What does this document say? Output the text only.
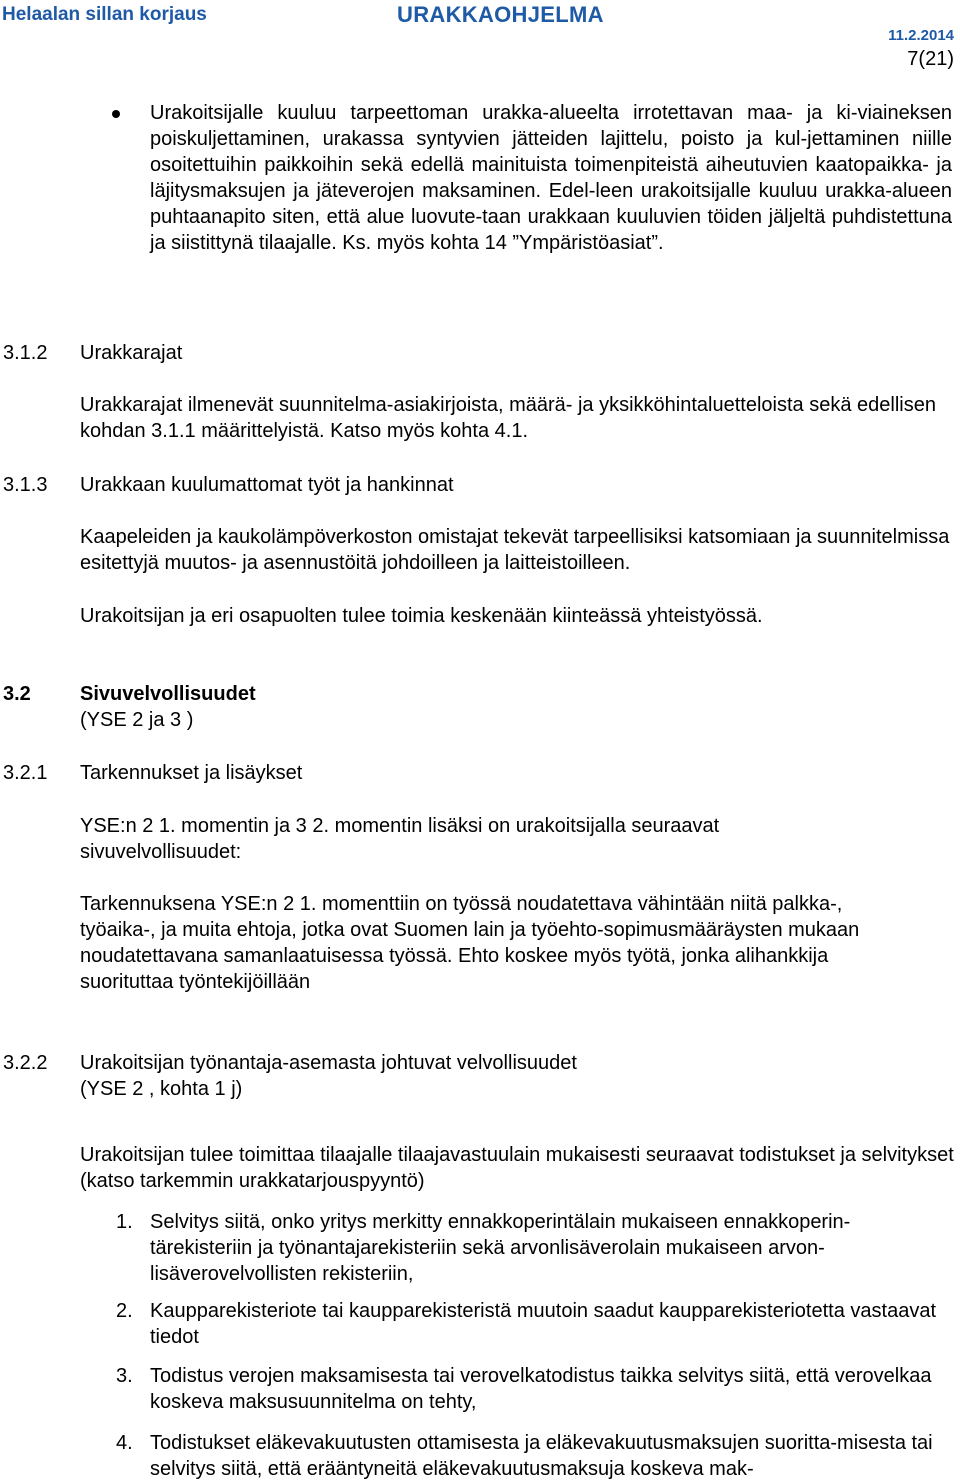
Helaalan sillan korjaus	URAKKAOHJELMA
11.2.2014
7(21)
Urakoitsijalle kuuluu tarpeettoman urakka-alueelta irrotettavan maa- ja ki-viaineksen poiskuljettaminen, urakassa syntyvien jätteiden lajittelu, poisto ja kul-jettaminen niille osoitettuihin paikkoihin sekä edellä mainituista toimenpiteistä aiheutuvien kaatopaikka- ja läjitysmaksujen ja jäteverojen maksaminen. Edel-leen urakoitsijalle kuuluu urakka-alueen puhtaanapito siten, että alue luovute-taan urakkaan kuuluvien töiden jäljeltä puhdistettuna ja siistittynä tilaajalle. Ks. myös kohta 14 ”Ympäristöasiat”.
3.1.2 Urakkarajat
Urakkarajat ilmenevät suunnitelma-asiakirjoista, määrä- ja yksikköhintaluetteloista sekä edellisen kohdan 3.1.1 määrittelyistä. Katso myös kohta 4.1.
3.1.3 Urakkaan kuulumattomat työt ja hankinnat
Kaapeleiden ja kaukolämpöverkoston omistajat tekevät tarpeellisiksi katsomiaan ja suunnitelmissa esitettyjä muutos- ja asennustöitä johdoilleen ja laitteistoilleen.
Urakoitsijan ja eri osapuolten tulee toimia keskenään kiinteässä yhteistyössä.
3.2 Sivuvelvollisuudet
(YSE 2 ja 3 )
3.2.1 Tarkennukset ja lisäykset
YSE:n 2 1. momentin ja 3 2. momentin lisäksi on urakoitsijalla seuraavat sivuvelvollisuudet:
Tarkennuksena YSE:n 2 1. momenttiin on työssä noudatettava vähintään niitä palkka-, työaika-, ja muita ehtoja, jotka ovat Suomen lain ja työehto-sopimusmääräysten mukaan noudatettavana samanlaatuisessa työssä. Ehto koskee myös työtä, jonka alihankkija suorituttaa työntekijöillään
3.2.2 Urakoitsijan työnantaja-asemasta johtuvat velvollisuudet
(YSE 2 , kohta 1 j)
Urakoitsijan tulee toimittaa tilaajalle tilaajavastuulain mukaisesti seuraavat todistukset ja selvitykset (katso tarkemmin urakkatarjouspyyntö)
1. Selvitys siitä, onko yritys merkitty ennakkoperintälain mukaiseen ennakkoperin-tärekisteriin ja työnantajarekisteriin sekä arvonlisäverolain mukaiseen arvon-lisäverovelvollisten rekisteriin,
2. Kaupparekisteriote tai kaupparekisteristä muutoin saadut kaupparekisteriotetta vastaavat tiedot
3. Todistus verojen maksamisesta tai verovelkatodistus taikka selvitys siitä, että verovelkaa koskeva maksusuunnitelma on tehty,
4. Todistukset eläkevakuutusten ottamisesta ja eläkevakuutusmaksujen suoritta-misesta tai selvitys siitä, että erääntyneitä eläkevakuutusmaksuja koskeva mak-
